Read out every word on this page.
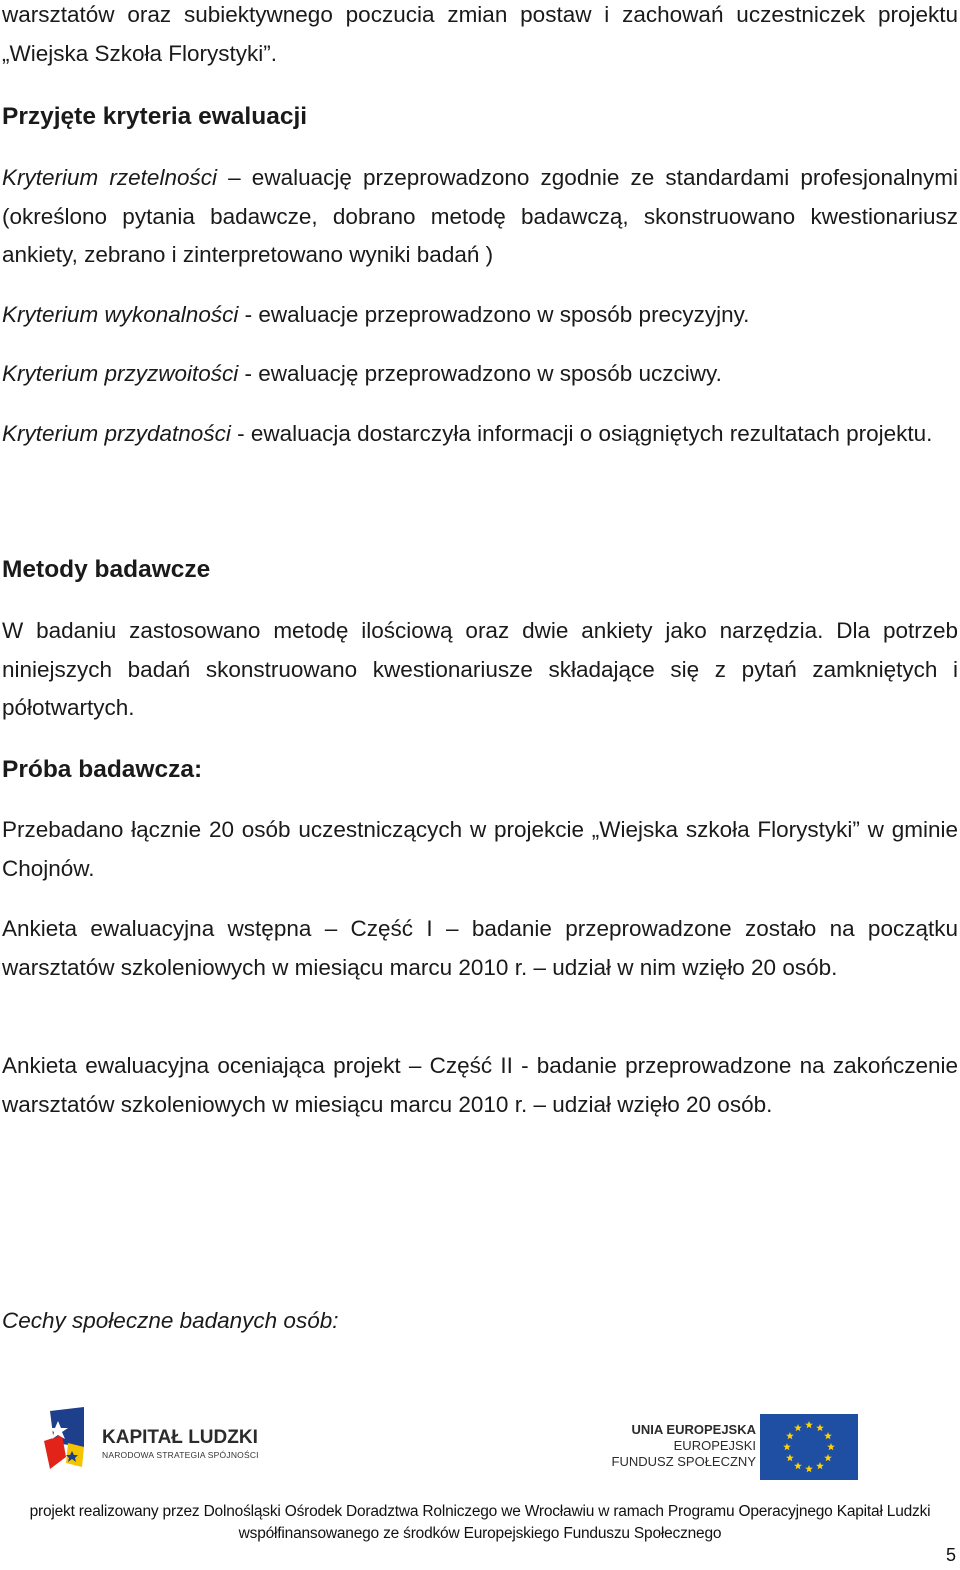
warsztatów oraz subiektywnego poczucia zmian postaw i zachowań uczestniczek projektu „Wiejska Szkoła Florystyki”.

Przyjęte kryteria ewaluacji

Kryterium rzetelności – ewaluację przeprowadzono zgodnie ze standardami profesjonalnymi (określono pytania badawcze, dobrano metodę badawczą, skonstruowano kwestionariusz ankiety, zebrano i zinterpretowano wyniki badań )

Kryterium wykonalności - ewaluacje przeprowadzono w sposób precyzyjny.

Kryterium przyzwoitości - ewaluację przeprowadzono w sposób uczciwy.

Kryterium przydatności - ewaluacja dostarczyła informacji o osiągniętych rezultatach projektu.

Metody badawcze

W badaniu zastosowano metodę ilościową oraz dwie ankiety jako narzędzia. Dla potrzeb niniejszych badań skonstruowano kwestionariusze składające się z pytań zamkniętych i półotwartych.

Próba badawcza:

Przebadano łącznie 20 osób uczestniczących w projekcie „Wiejska szkoła Florystyki” w gminie Chojnów.

Ankieta ewaluacyjna wstępna – Część I – badanie przeprowadzone zostało na początku warsztatów szkoleniowych w miesiącu marcu 2010 r. – udział w nim wzięło 20 osób.

Ankieta ewaluacyjna oceniająca projekt – Część II - badanie przeprowadzone na zakończenie warsztatów szkoleniowych w miesiącu marcu 2010 r. – udział wzięło 20 osób.

Cechy społeczne badanych osób:

KAPITAŁ LUDZKI
NARODOWA STRATEGIA SPÓJNOŚCI
UNIA EUROPEJSKA
EUROPEJSKI
FUNDUSZ SPOŁECZNY
projekt realizowany przez Dolnośląski Ośrodek Doradztwa Rolniczego we Wrocławiu w ramach Programu Operacyjnego Kapitał Ludzki
współfinansowanego ze środków Europejskiego Funduszu Społecznego
5
